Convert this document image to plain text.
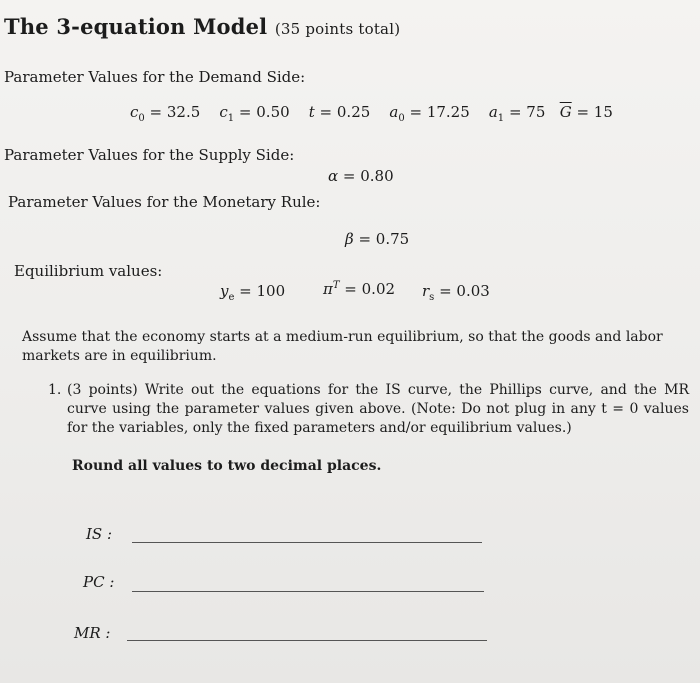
The 3-equation Model (35 points total)
Parameter Values for the Demand Side:
$c_0 = 32.5$ $c_1 = 0.50$ t = 0.25 $a_0 = 17.25$ $a_1 = 75$ $\overline{G} = 15$
Parameter Values for the Supply Side:
α = 0.80
Parameter Values for the Monetary Rule:
β = 0.75
Equilibrium values:
$y_e = 100$	$\pi^T = 0.02$ $r_s = 0.03$
Assume that the economy starts at a medium-run equilibrium, so that the goods and labor markets are in equilibrium.
1. (3 points) Write out the equations for the IS curve, the Phillips curve, and the MR curve using the parameter values given above. (Note: Do not plug in any t = 0 values for the variables, only the fixed parameters and/or equilibrium values.)
Round all values to two decimal places.
IS :
PC :
MR :
